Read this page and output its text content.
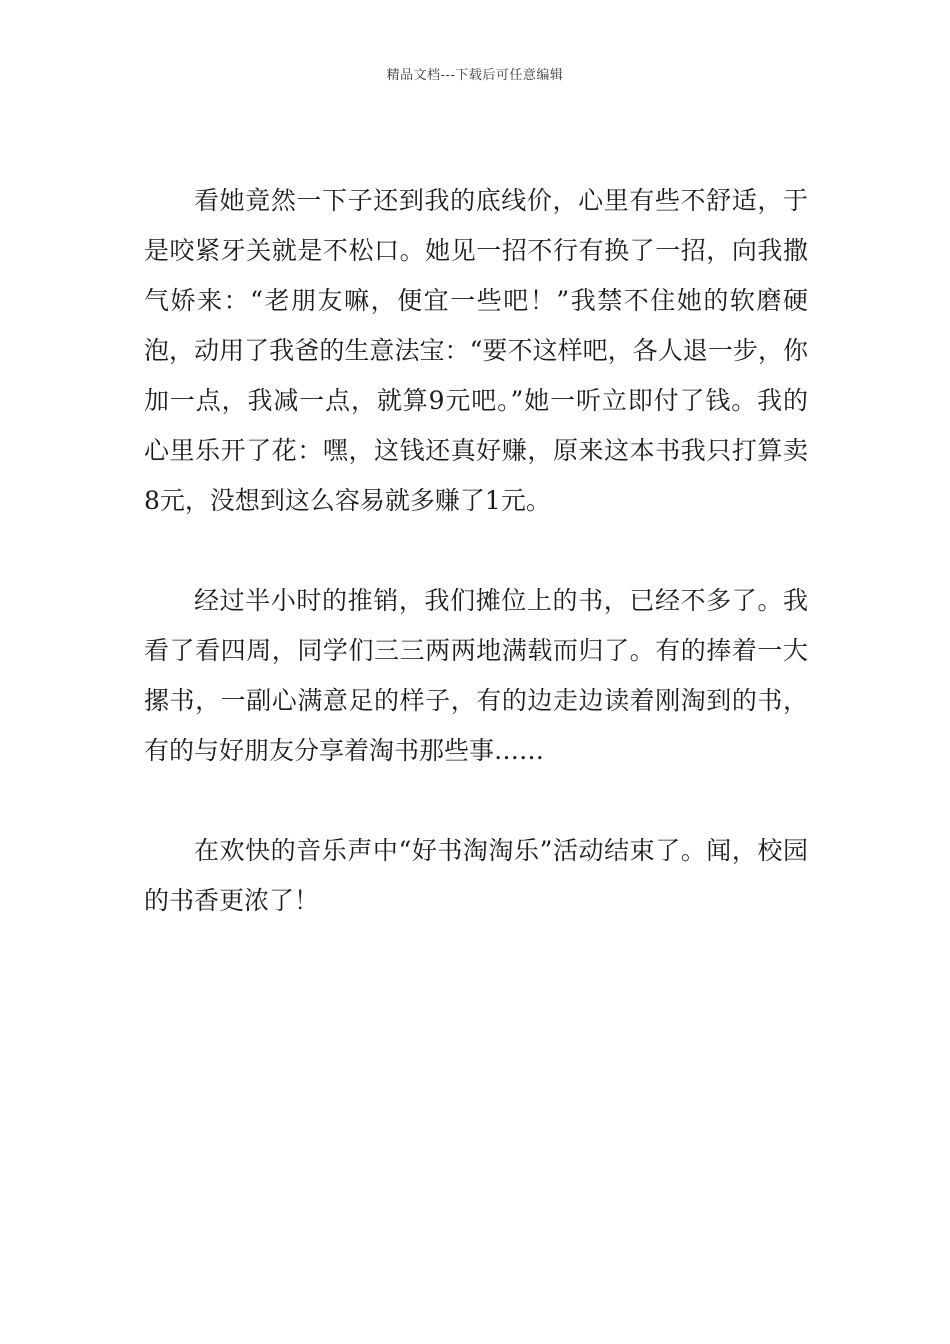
精品文档---下载后可任意编辑

看她竟然一下子还到我的底线价，心里有些不舒适，于是咬紧牙关就是不松口。她见一招不行有换了一招，向我撒气娇来：“老朋友嘛，便宜一些吧！”我禁不住她的软磨硬泡，动用了我爸的生意法宝：“要不这样吧，各人退一步，你加一点，我减一点，就算9元吧。”她一听立即付了钱。我的心里乐开了花：嘿，这钱还真好赚，原来这本书我只打算卖8元，没想到这么容易就多赚了1元。

经过半小时的推销，我们摊位上的书，已经不多了。我看了看四周，同学们三三两两地满载而归了。有的捧着一大摞书，一副心满意足的样子，有的边走边读着刚淘到的书，有的与好朋友分享着淘书那些事……

在欢快的音乐声中“好书淘淘乐”活动结束了。闻，校园的书香更浓了！
